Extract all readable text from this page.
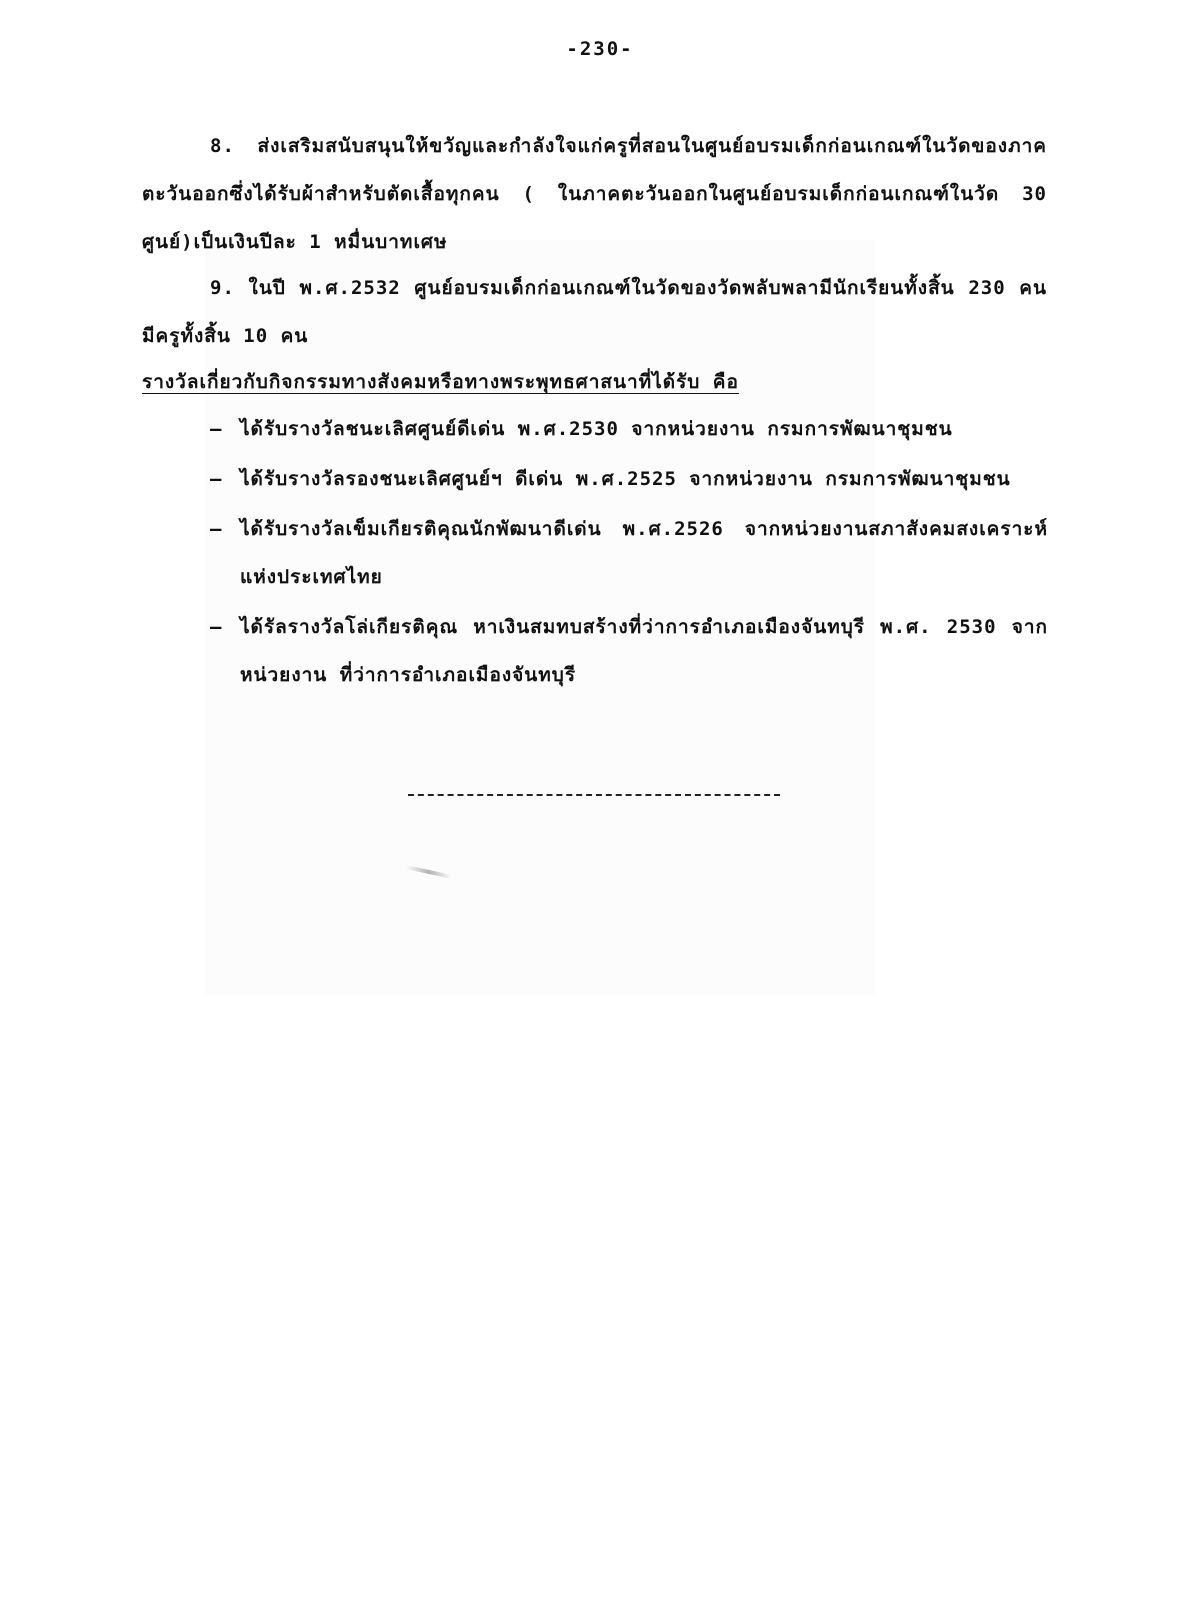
-230-

8. ส่งเสริมสนับสนุนให้ขวัญและกำลังใจแก่ครูที่สอนในศูนย์อบรมเด็กก่อนเกณฑ์ในวัดของภาคตะวันออกซึ่งได้รับผ้าสำหรับตัดเสื้อทุกคน ( ในภาคตะวันออกในศูนย์อบรมเด็กก่อนเกณฑ์ในวัด 30 ศูนย์)เป็นเงินปีละ 1 หมื่นบาทเศษ

9. ในปี พ.ศ.2532 ศูนย์อบรมเด็กก่อนเกณฑ์ในวัดของวัดพลับพลามีนักเรียนทั้งสิ้น 230 คน มีครูทั้งสิ้น 10 คน

รางวัลเกี่ยวกับกิจกรรมทางสังคมหรือทางพระพุทธศาสนาที่ได้รับ คือ

– ได้รับรางวัลชนะเลิศศูนย์ดีเด่น พ.ศ.2530 จากหน่วยงาน กรมการพัฒนาชุมชน
– ได้รับรางวัลรองชนะเลิศศูนย์ฯ ดีเด่น พ.ศ.2525 จากหน่วยงาน กรมการพัฒนาชุมชน
– ได้รับรางวัลเข็มเกียรติคุณนักพัฒนาดีเด่น พ.ศ.2526 จากหน่วยงานสภาสังคมสงเคราะห์แห่งประเทศไทย
– ได้รัลรางวัลโล่เกียรติคุณ หาเงินสมทบสร้างที่ว่าการอำเภอเมืองจันทบุรี พ.ศ. 2530 จากหน่วยงาน ที่ว่าการอำเภอเมืองจันทบุรี
